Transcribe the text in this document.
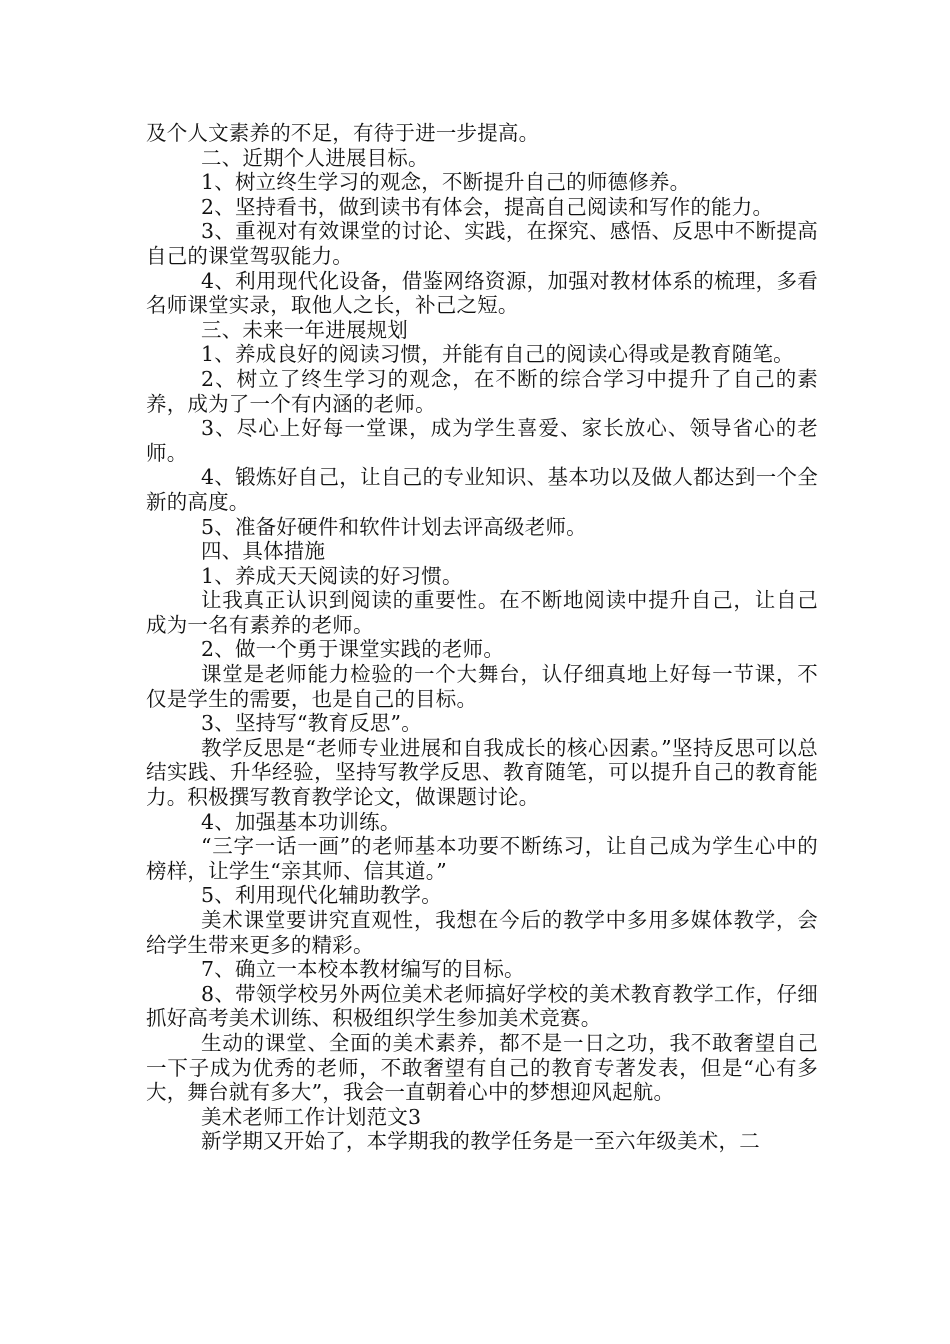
及个人文素养的不足，有待于进一步提高。

二、近期个人进展目标。

1、树立终生学习的观念，不断提升自己的师德修养。

2、坚持看书，做到读书有体会，提高自己阅读和写作的能力。

3、重视对有效课堂的讨论、实践，在探究、感悟、反思中不断提高自己的课堂驾驭能力。

4、利用现代化设备，借鉴网络资源，加强对教材体系的梳理，多看名师课堂实录，取他人之长，补己之短。

三、未来一年进展规划

1、养成良好的阅读习惯，并能有自己的阅读心得或是教育随笔。

2、树立了终生学习的观念，在不断的综合学习中提升了自己的素养，成为了一个有内涵的老师。

3、尽心上好每一堂课，成为学生喜爱、家长放心、领导省心的老师。

4、锻炼好自己，让自己的专业知识、基本功以及做人都达到一个全新的高度。

5、准备好硬件和软件计划去评高级老师。

四、具体措施

1、养成天天阅读的好习惯。

让我真正认识到阅读的重要性。在不断地阅读中提升自己，让自己成为一名有素养的老师。

2、做一个勇于课堂实践的老师。

课堂是老师能力检验的一个大舞台，认仔细真地上好每一节课，不仅是学生的需要，也是自己的目标。

3、坚持写“教育反思”。

教学反思是“老师专业进展和自我成长的核心因素。”坚持反思可以总结实践、升华经验，坚持写教学反思、教育随笔，可以提升自己的教育能力。积极撰写教育教学论文，做课题讨论。

4、加强基本功训练。

“三字一话一画”的老师基本功要不断练习，让自己成为学生心中的榜样，让学生“亲其师、信其道。”

5、利用现代化辅助教学。

美术课堂要讲究直观性，我想在今后的教学中多用多媒体教学，会给学生带来更多的精彩。

7、确立一本校本教材编写的目标。

8、带领学校另外两位美术老师搞好学校的美术教育教学工作，仔细抓好高考美术训练、积极组织学生参加美术竞赛。

生动的课堂、全面的美术素养，都不是一日之功，我不敢奢望自己一下子成为优秀的老师，不敢奢望有自己的教育专著发表，但是“心有多大，舞台就有多大”，我会一直朝着心中的梦想迎风起航。

美术老师工作计划范文3

新学期又开始了，本学期我的教学任务是一至六年级美术，二
